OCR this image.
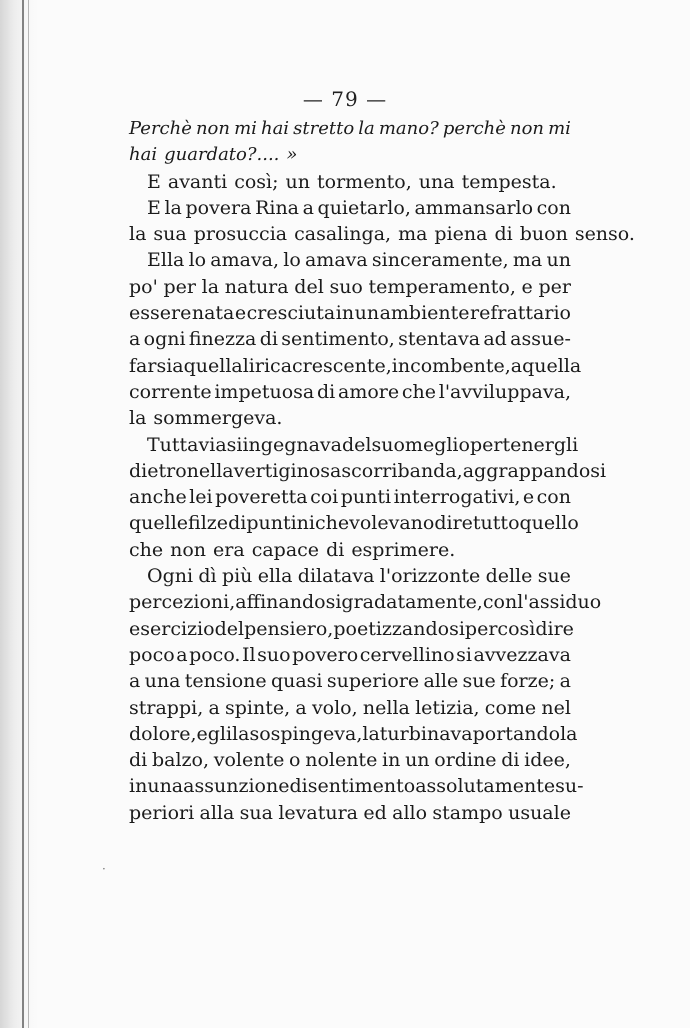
— 79 —
Perchè non mi hai stretto la mano? perchè non mi
hai guardato?.... »
E avanti così; un tormento, una tempesta.
E la povera Rina a quietarlo, ammansarlo con
la sua prosuccia casalinga, ma piena di buon senso.
Ella lo amava, lo amava sinceramente, ma un
po' per la natura del suo temperamento, e per
essere nata e cresciuta in un ambiente refrattario
a ogni finezza di sentimento, stentava ad assue-
farsi a quella lirica crescente, incombente, a quella
corrente impetuosa di amore che l'avviluppava,
la sommergeva.
Tuttavia si ingegnava del suo meglio per tenergli
dietro nella vertiginosa scorribanda, aggrappandosi
anche lei poveretta coi punti interrogativi, e con
quelle filze di puntini che volevano dire tutto quello
che non era capace di esprimere.
Ogni dì più ella dilatava l'orizzonte delle sue
percezioni, affinandosi gradatamente, con l'assiduo
esercizio del pensiero, poetizzandosi per così dire
poco a poco. Il suo povero cervellino si avvezzava
a una tensione quasi superiore alle sue forze; a
strappi, a spinte, a volo, nella letizia, come nel
dolore, egli la sospingeva, la turbinava portandola
di balzo, volente o nolente in un ordine di idee,
in una assunzione di sentimento assolutamente su-
periori alla sua levatura ed allo stampo usuale
·
